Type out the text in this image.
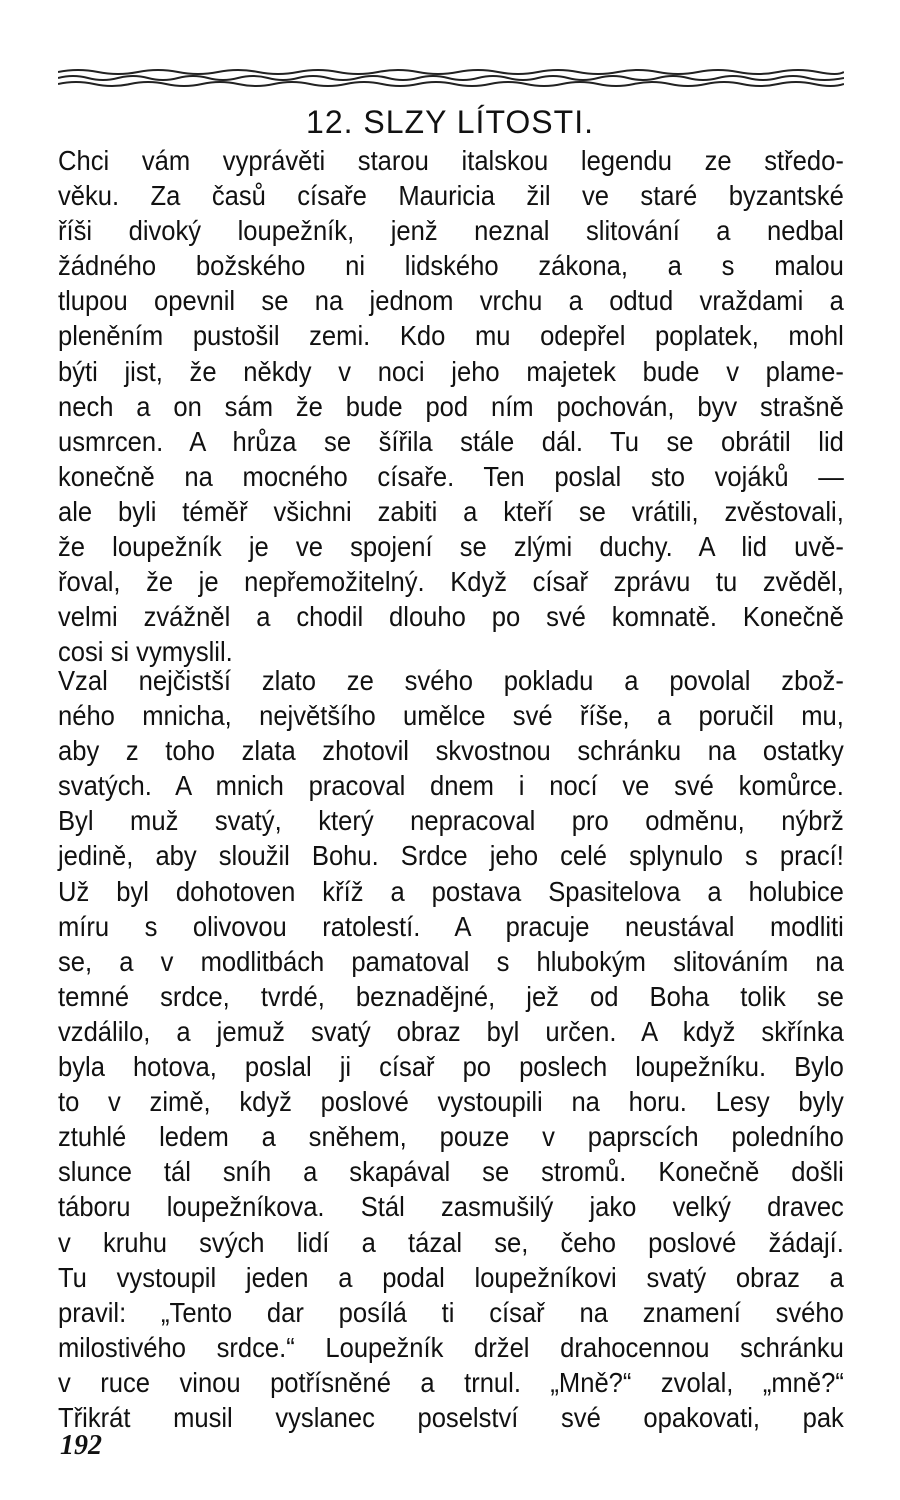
12. SLZY LÍTOSTI.
Chci vám vyprávěti starou italskou legendu ze středo-
věku. Za časů císaře Mauricia žil ve staré byzantské
říši divoký loupežník, jenž neznal slitování a nedbal
žádného božského ni lidského zákona, a s malou
tlupou opevnil se na jednom vrchu a odtud vraždami a
pleněním pustošil zemi. Kdo mu odepřel poplatek, mohl
býti jist, že někdy v noci jeho majetek bude v plame-
nech a on sám že bude pod ním pochován, byv strašně
usmrcen. A hrůza se šířila stále dál. Tu se obrátil lid
konečně na mocného císaře. Ten poslal sto vojáků —
ale byli téměř všichni zabiti a kteří se vrátili, zvěstovali,
že loupežník je ve spojení se zlými duchy. A lid uvě-
řoval, že je nepřemožitelný. Když císař zprávu tu zvěděl,
velmi zvážněl a chodil dlouho po své komnatě. Konečně
cosi si vymyslil.
Vzal nejčistší zlato ze svého pokladu a povolal zbož-
ného mnicha, největšího umělce své říše, a poručil mu,
aby z toho zlata zhotovil skvostnou schránku na ostatky
svatých. A mnich pracoval dnem i nocí ve své komůrce.
Byl muž svatý, který nepracoval pro odměnu, nýbrž
jedině, aby sloužil Bohu. Srdce jeho celé splynulo s prací!
Už byl dohotoven kříž a postava Spasitelova a holubice
míru s olivovou ratolestí. A pracuje neustával modliti
se, a v modlitbách pamatoval s hlubokým slitováním na
temné srdce, tvrdé, beznadějné, jež od Boha tolik se
vzdálilo, a jemuž svatý obraz byl určen. A když skřínka
byla hotova, poslal ji císař po poslech loupežníku. Bylo
to v zimě, když poslové vystoupili na horu. Lesy byly
ztuhlé ledem a sněhem, pouze v paprscích poledního
slunce tál sníh a skapával se stromů. Konečně došli
táboru loupežníkova. Stál zasmušilý jako velký dravec
v kruhu svých lidí a tázal se, čeho poslové žádají.
Tu vystoupil jeden a podal loupežníkovi svatý obraz a
pravil: „Tento dar posílá ti císař na znamení svého
milostivého srdce.“ Loupežník držel drahocennou schránku
v ruce vinou potřísněné a trnul. „Mně?“ zvolal, „mně?“
Třikrát musil vyslanec poselství své opakovati, pak
192
